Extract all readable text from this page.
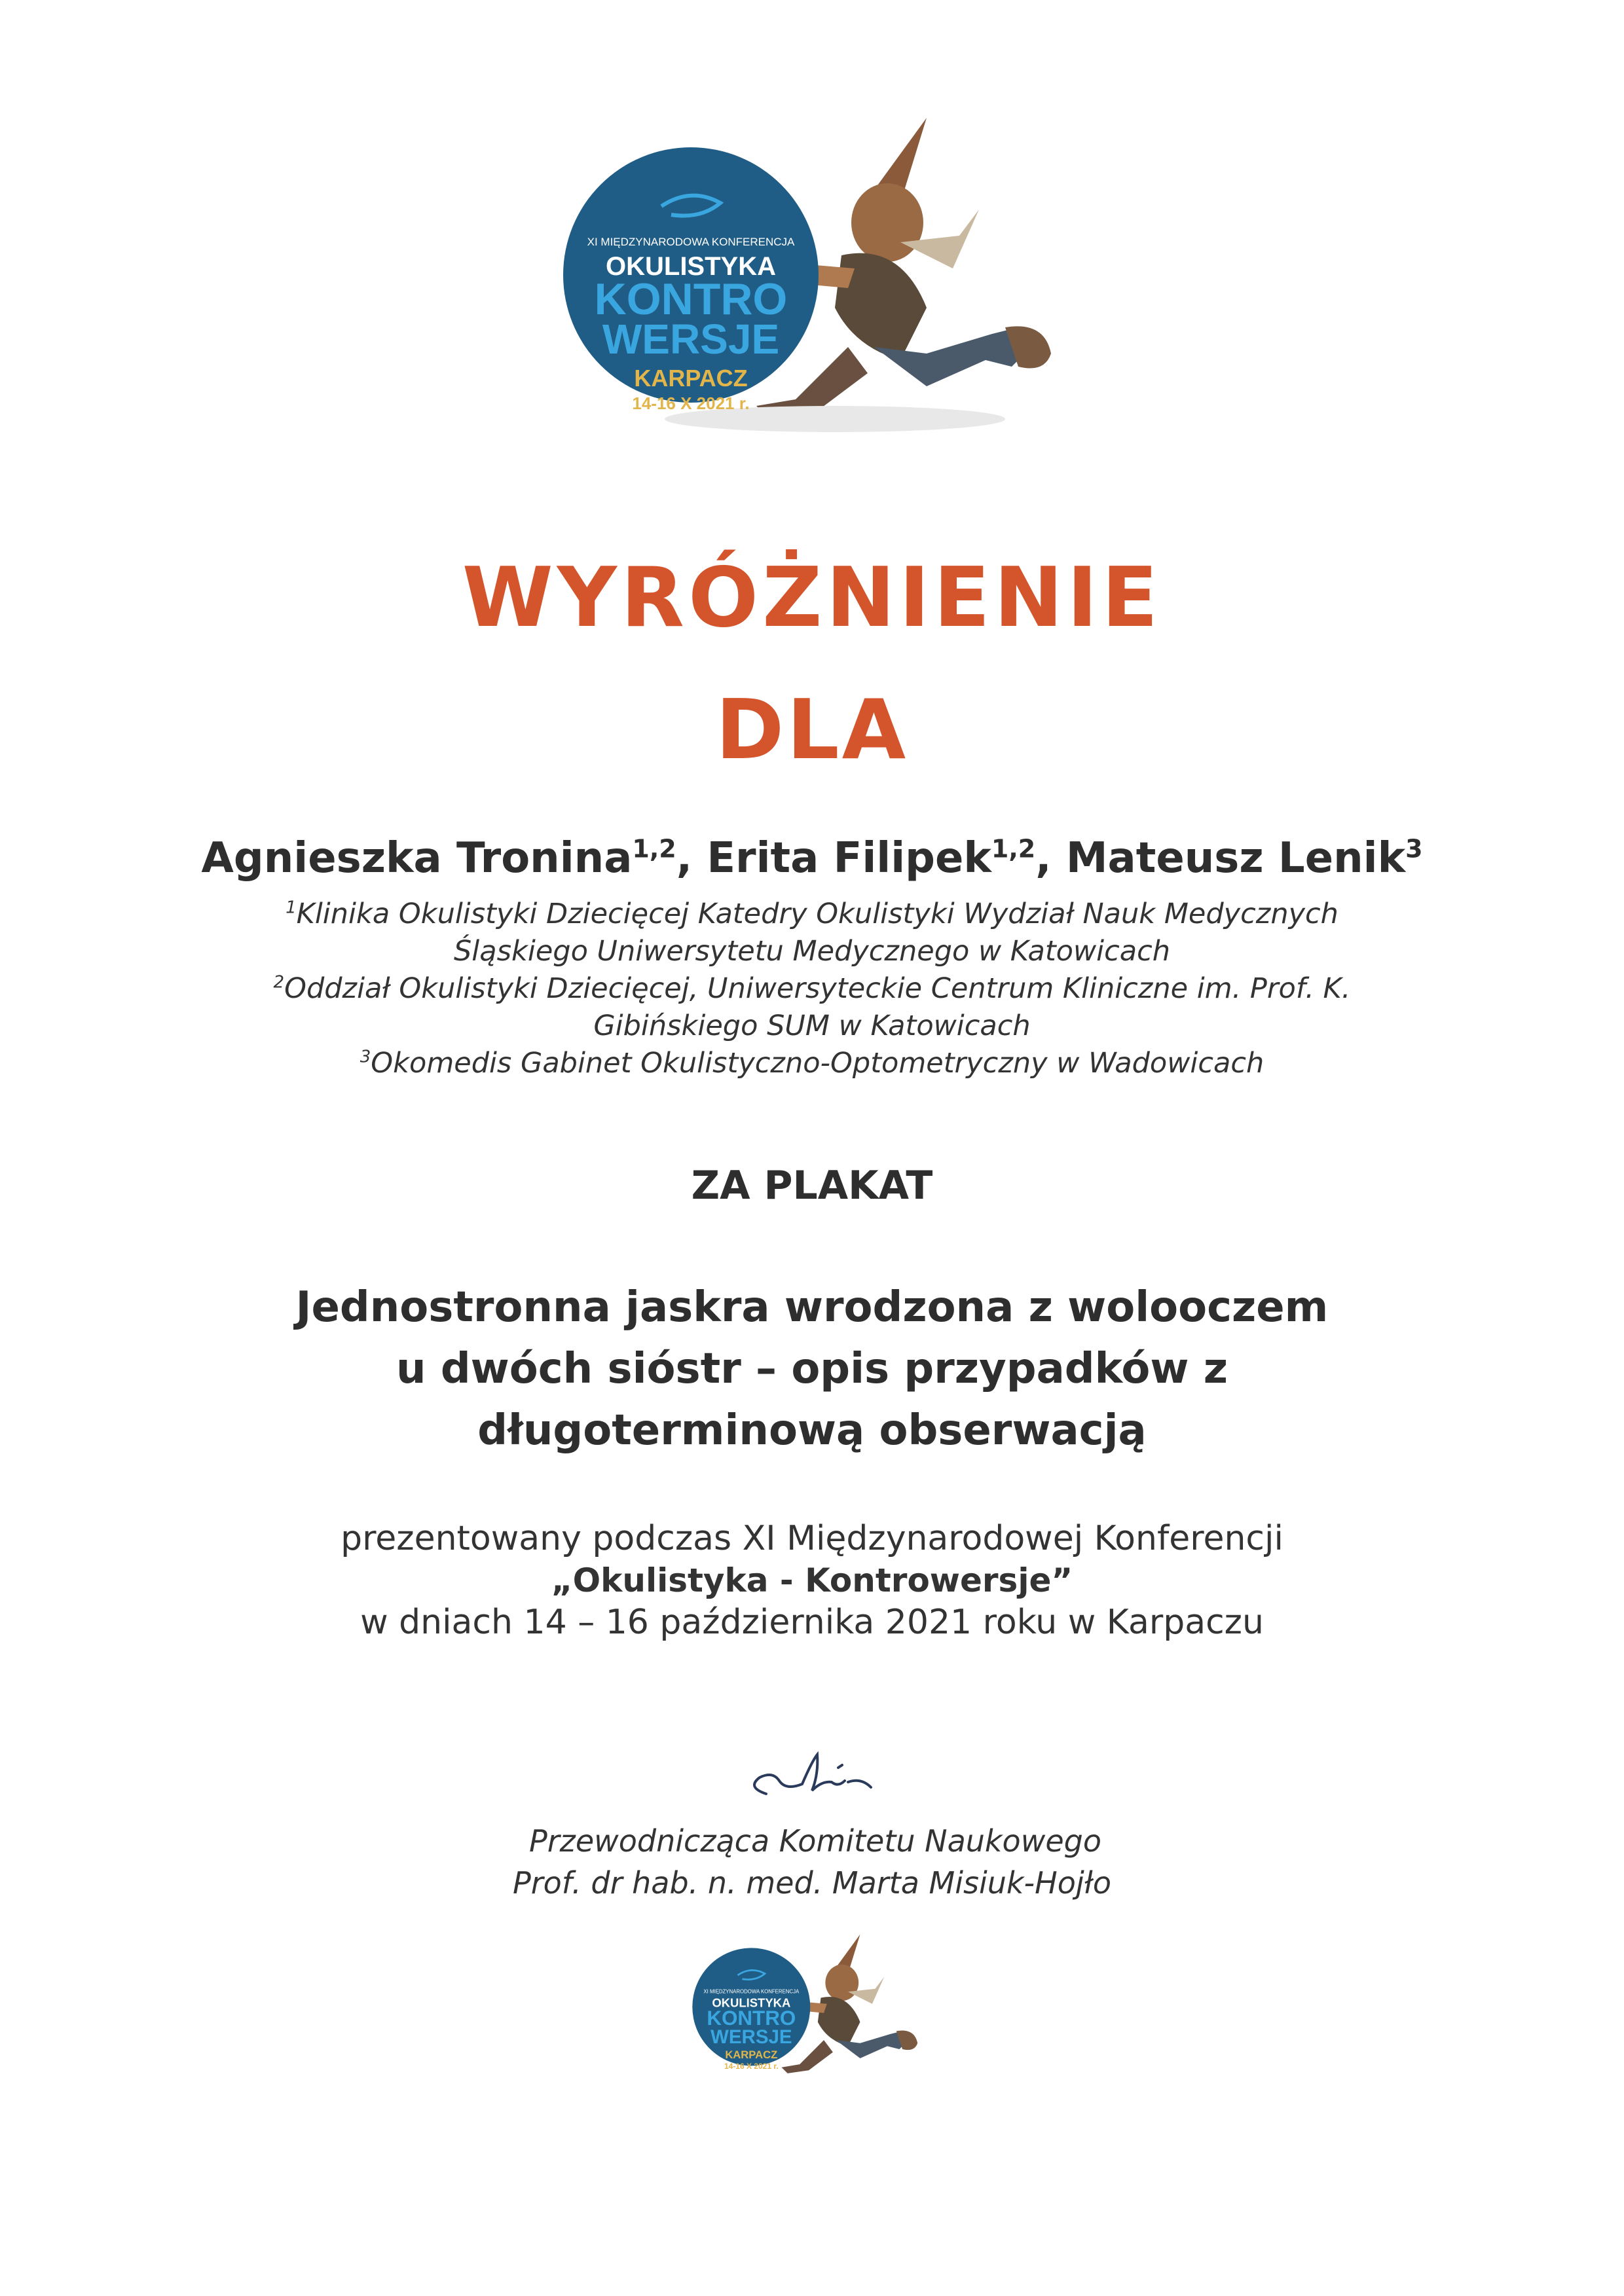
XI MIĘDZYNARODOWA KONFERENCJA
OKULISTYKA
KONTRO
WERSJE
KARPACZ
14-16 X 2021 r.
WYRÓŻNIENIE
DLA
Agnieszka Tronina$^{1,2}$, Erita Filipek$^{1,2}$, Mateusz Lenik$^3$
$^1$Klinika Okulistyki Dziecięcej Katedry Okulistyki Wydział Nauk Medycznych
Śląskiego Uniwersytetu Medycznego w Katowicach
$^2$Oddział Okulistyki Dziecięcej, Uniwersyteckie Centrum Kliniczne im. Prof. K.
Gibińskiego SUM w Katowicach
$^3$Okomedis Gabinet Okulistyczno-Optometryczny w Wadowicach
ZA PLAKAT
Jednostronna jaskra wrodzona z wolooczem
u dwóch sióstr – opis przypadków z
długoterminową obserwacją
prezentowany podczas XI Międzynarodowej Konferencji
„Okulistyka - Kontrowersje”
w dniach 14 – 16 października 2021 roku w Karpaczu
Przewodnicząca Komitetu Naukowego
Prof. dr hab. n. med. Marta Misiuk-Hojło
XI MIĘDZYNARODOWA KONFERENCJA
OKULISTYKA
KONTRO
WERSJE
KARPACZ
14-16 X 2021 r.
